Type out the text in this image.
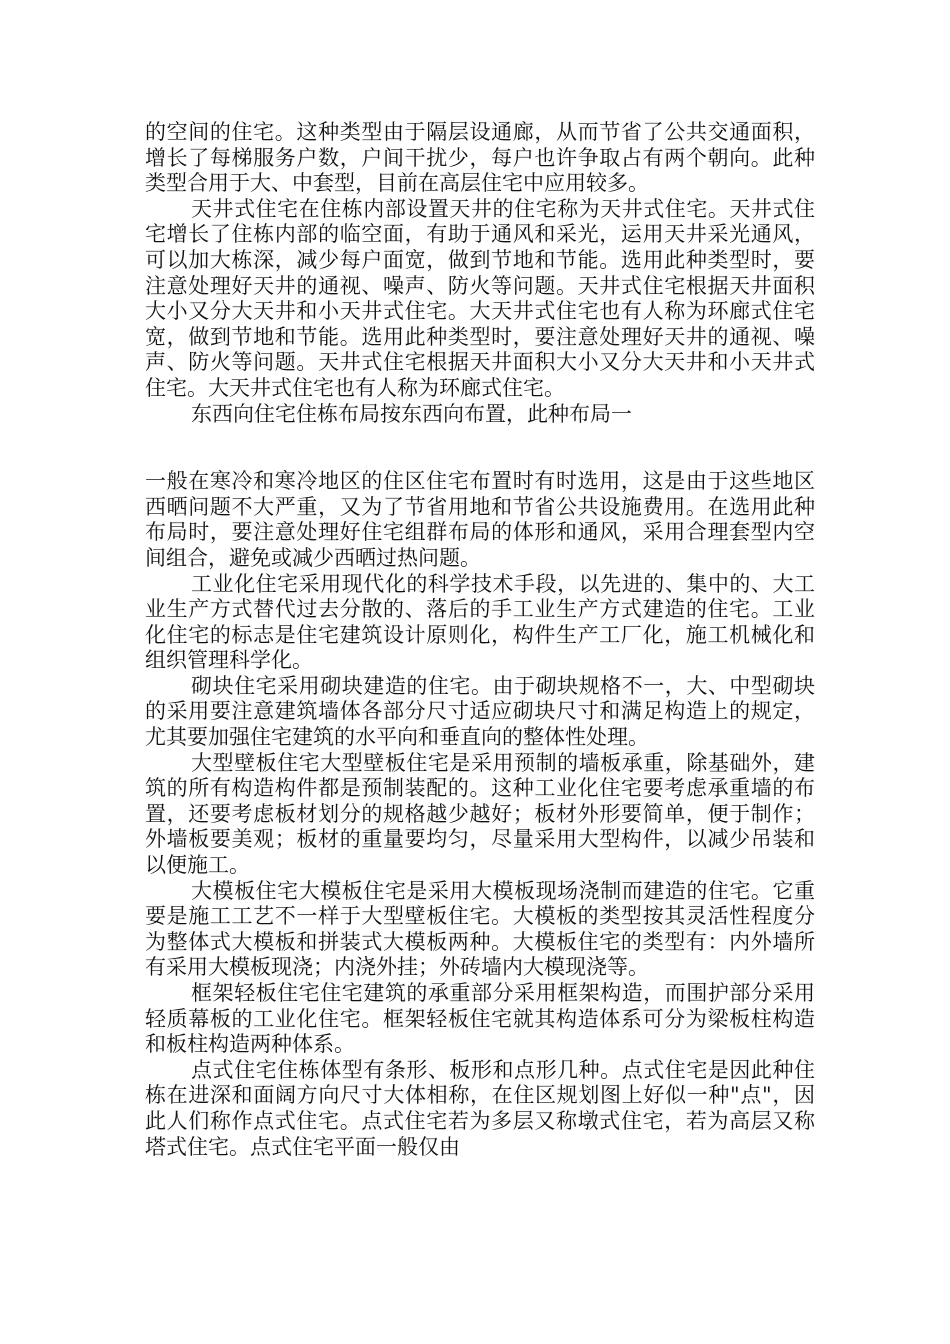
的空间的住宅。这种类型由于隔层设通廊，从而节省了公共交通面积，增长了每梯服务户数，户间干扰少，每户也许争取占有两个朝向。此种类型合用于大、中套型，目前在高层住宅中应用较多。

天井式住宅在住栋内部设置天井的住宅称为天井式住宅。天井式住宅增长了住栋内部的临空面，有助于通风和采光，运用天井采光通风，可以加大栋深，减少每户面宽，做到节地和节能。选用此种类型时，要注意处理好天井的通视、噪声、防火等问题。天井式住宅根据天井面积大小又分大天井和小天井式住宅。大天井式住宅也有人称为环廊式住宅宽，做到节地和节能。选用此种类型时，要注意处理好天井的通视、噪声、防火等问题。天井式住宅根据天井面积大小又分大天井和小天井式住宅。大天井式住宅也有人称为环廊式住宅。

东西向住宅住栋布局按东西向布置，此种布局一

一般在寒冷和寒冷地区的住区住宅布置时有时选用，这是由于这些地区西晒问题不大严重，又为了节省用地和节省公共设施费用。在选用此种布局时，要注意处理好住宅组群布局的体形和通风，采用合理套型内空间组合，避免或减少西晒过热问题。

工业化住宅采用现代化的科学技术手段，以先进的、集中的、大工业生产方式替代过去分散的、落后的手工业生产方式建造的住宅。工业化住宅的标志是住宅建筑设计原则化，构件生产工厂化，施工机械化和组织管理科学化。

砌块住宅采用砌块建造的住宅。由于砌块规格不一，大、中型砌块的采用要注意建筑墙体各部分尺寸适应砌块尺寸和满足构造上的规定，尤其要加强住宅建筑的水平向和垂直向的整体性处理。

大型壁板住宅大型壁板住宅是采用预制的墙板承重，除基础外，建筑的所有构造构件都是预制装配的。这种工业化住宅要考虑承重墙的布置，还要考虑板材划分的规格越少越好；板材外形要简单，便于制作；外墙板要美观；板材的重量要均匀，尽量采用大型构件，以减少吊装和以便施工。

大模板住宅大模板住宅是采用大模板现场浇制而建造的住宅。它重要是施工工艺不一样于大型壁板住宅。大模板的类型按其灵活性程度分为整体式大模板和拼装式大模板两种。大模板住宅的类型有：内外墙所有采用大模板现浇；内浇外挂；外砖墙内大模现浇等。

框架轻板住宅住宅建筑的承重部分采用框架构造，而围护部分采用轻质幕板的工业化住宅。框架轻板住宅就其构造体系可分为梁板柱构造和板柱构造两种体系。

点式住宅住栋体型有条形、板形和点形几种。点式住宅是因此种住栋在进深和面阔方向尺寸大体相称，在住区规划图上好似一种"点"，因此人们称作点式住宅。点式住宅若为多层又称墩式住宅，若为高层又称塔式住宅。点式住宅平面一般仅由
